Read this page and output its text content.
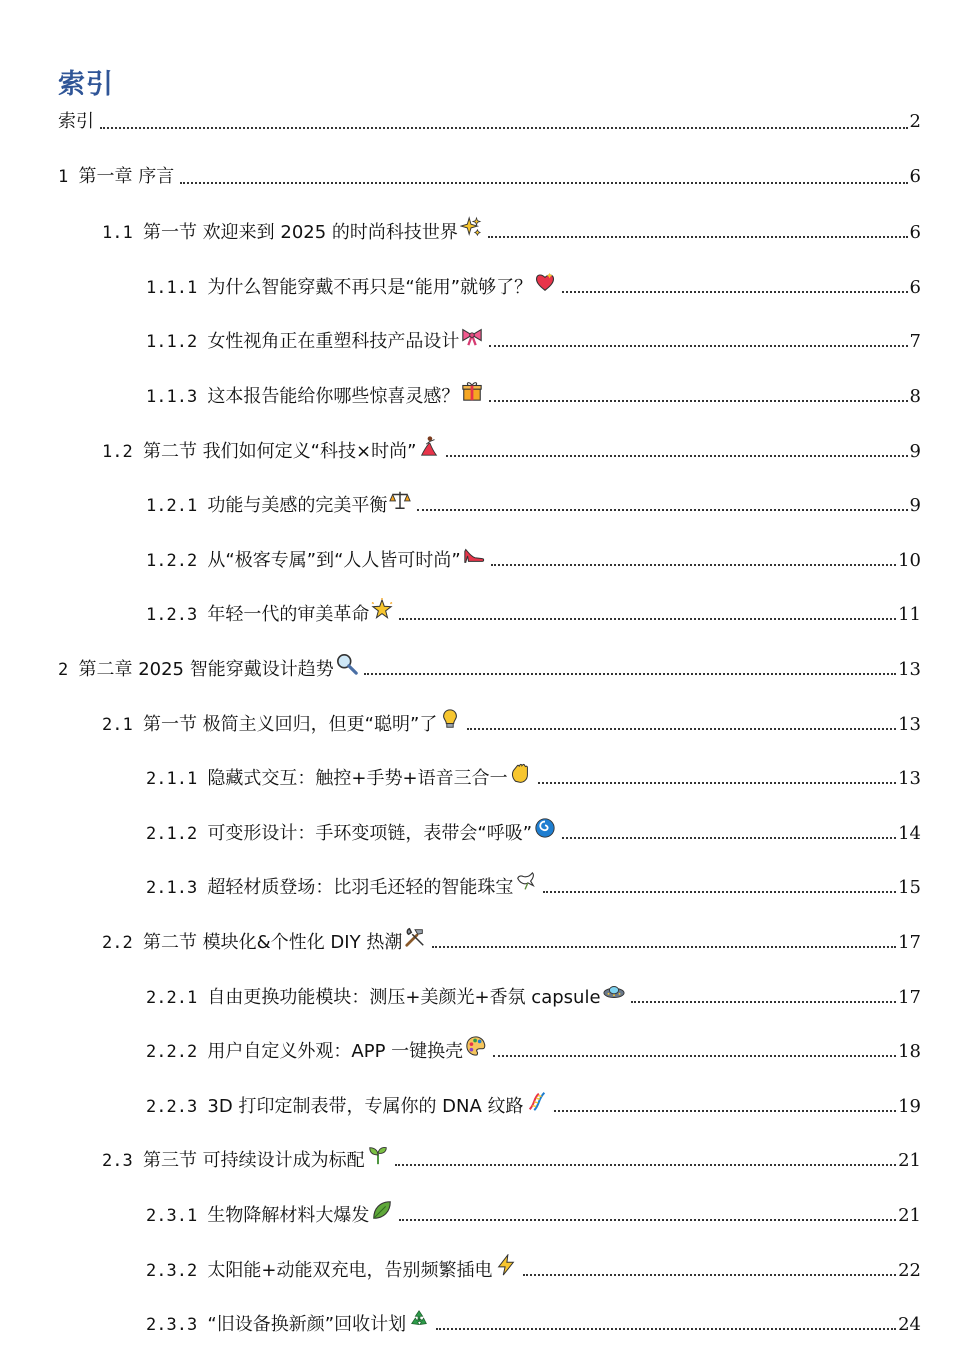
索引
索引	2
1 第一章 序言	6
1.1 第一节 欢迎来到 2025 的时尚科技世界	6
1.1.1 为什么智能穿戴不再只是“能用”就够了？	6
1.1.2 女性视角正在重塑科技产品设计	7
1.1.3 这本报告能给你哪些惊喜灵感？	8
1.2 第二节 我们如何定义“科技×时尚”	9
1.2.1 功能与美感的完美平衡	9
1.2.2 从“极客专属”到“人人皆可时尚”	10
1.2.3 年轻一代的审美革命	11
2 第二章 2025 智能穿戴设计趋势	13
2.1 第一节 极简主义回归，但更“聪明”了	13
2.1.1 隐藏式交互：触控+手势+语音三合一	13
2.1.2 可变形设计：手环变项链，表带会“呼吸”	14
2.1.3 超轻材质登场：比羽毛还轻的智能珠宝	15
2.2 第二节 模块化&个性化 DIY 热潮	17
2.2.1 自由更换功能模块：测压+美颜光+香氛 capsule	17
2.2.2 用户自定义外观：APP 一键换壳	18
2.2.3 3D 打印定制表带，专属你的 DNA 纹路	19
2.3 第三节 可持续设计成为标配	21
2.3.1 生物降解材料大爆发	21
2.3.2 太阳能+动能双充电，告别频繁插电	22
2.3.3 “旧设备换新颜”回收计划	24
